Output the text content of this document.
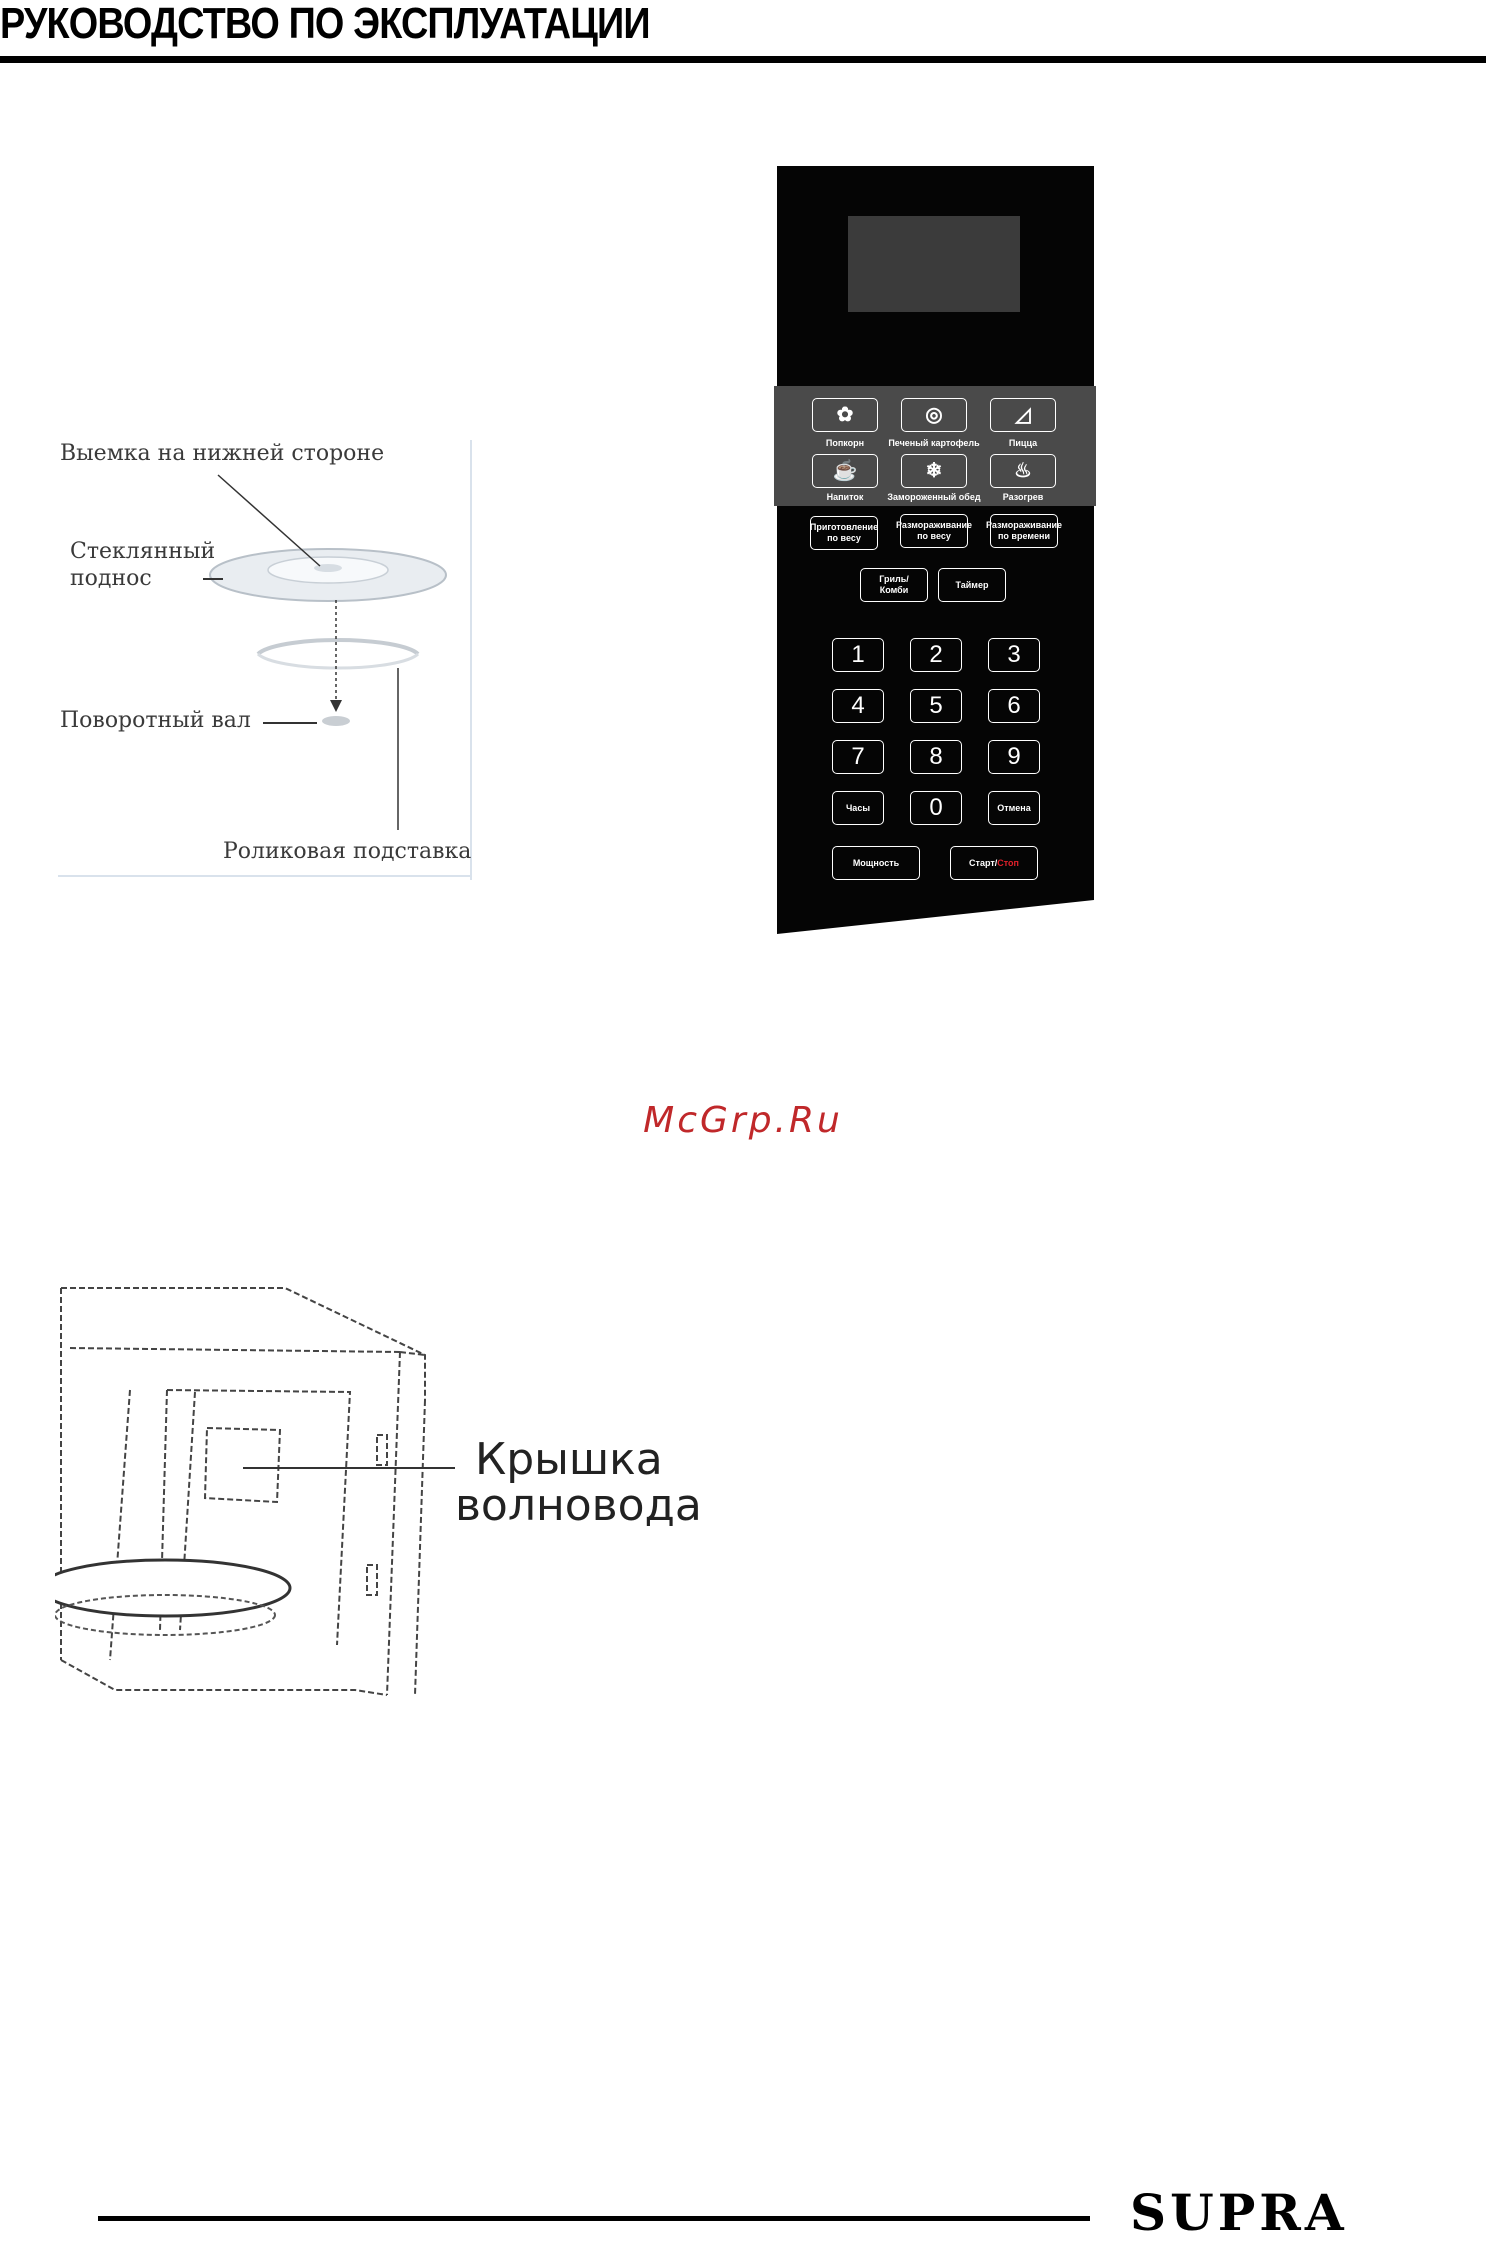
РУКОВОДСТВО ПО ЭКСПЛУАТАЦИИ
Выемка на нижней стороне
Стеклянный
поднос
Поворотный вал
Роликовая подставка
✿
Попкорн
◎
Печеный картофель
◿
Пицца
☕
Напиток
❄
Замороженный обед
♨
Разогрев
Приготовление
по весу
Размораживание
по весу
Размораживание
по времени
Гриль/
Комби
Таймер
1	2	3
4	5	6
7	8	9
Часы	0	Отмена
Мощность	Старт/ Стоп
McGrp.Ru
Крышка
волновода
SUPRA
